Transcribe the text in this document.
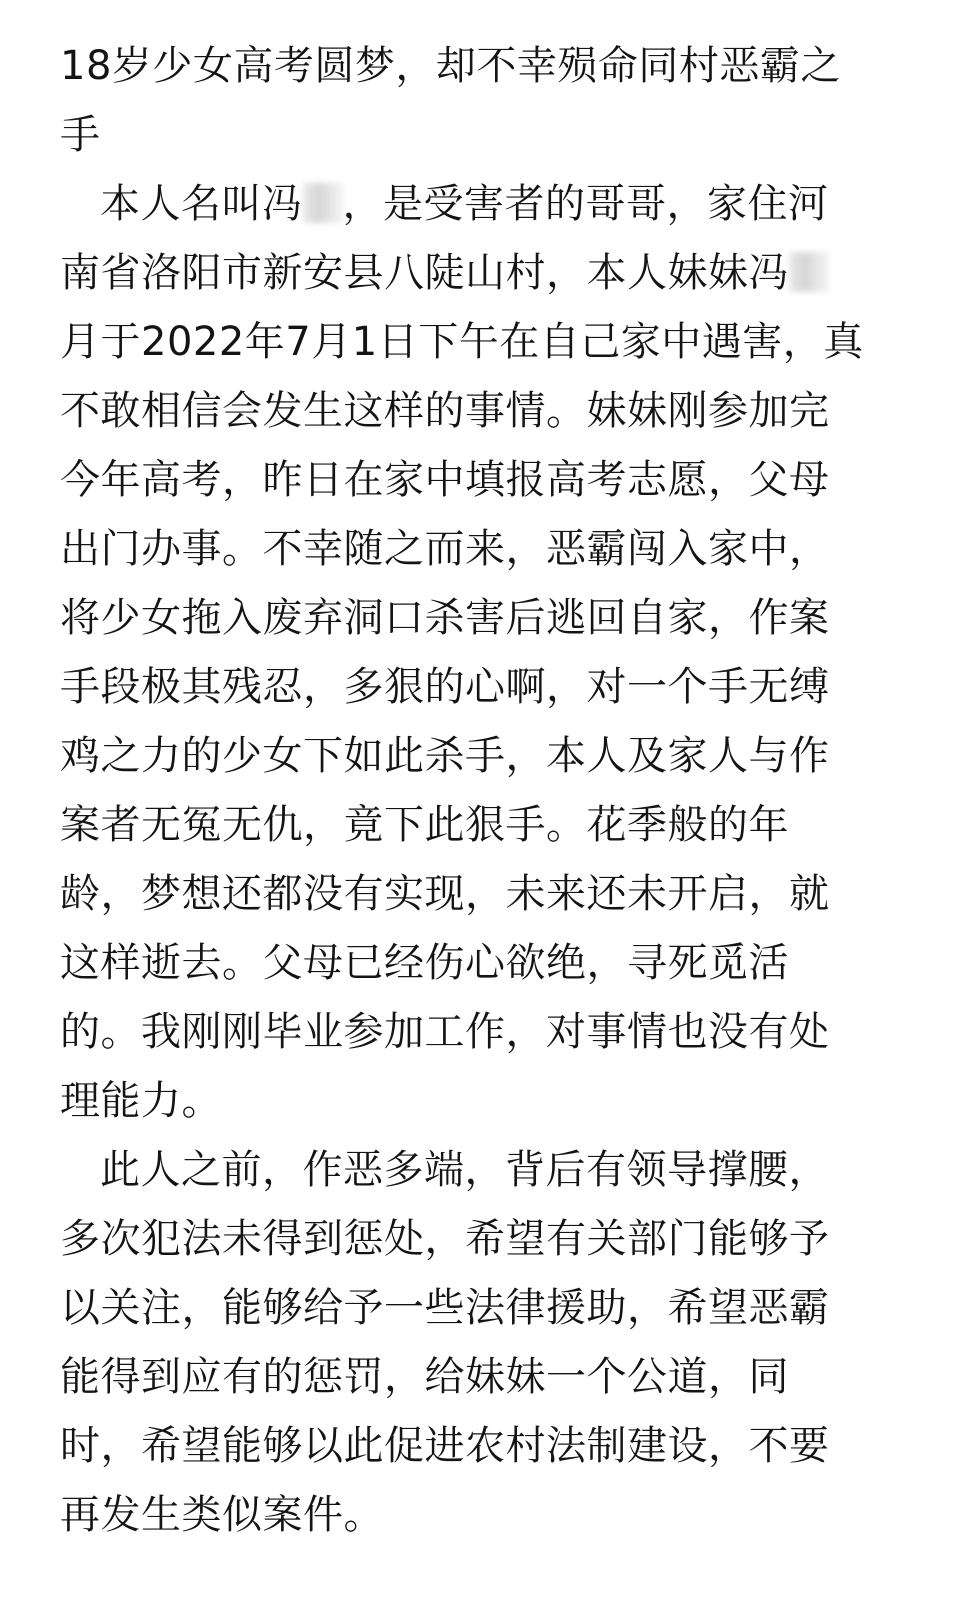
18岁少女高考圆梦，却不幸殒命同村恶霸之
手
本人名叫冯 ，是受害者的哥哥，家住河
南省洛阳市新安县八陡山村，本人妹妹冯
月于2022年7月1日下午在自己家中遇害，真
不敢相信会发生这样的事情。妹妹刚参加完
今年高考，昨日在家中填报高考志愿，父母
出门办事。不幸随之而来，恶霸闯入家中，
将少女拖入废弃洞口杀害后逃回自家，作案
手段极其残忍，多狠的心啊，对一个手无缚
鸡之力的少女下如此杀手，本人及家人与作
案者无冤无仇，竟下此狠手。花季般的年
龄，梦想还都没有实现，未来还未开启，就
这样逝去。父母已经伤心欲绝，寻死觅活
的。我刚刚毕业参加工作，对事情也没有处
理能力。
此人之前，作恶多端，背后有领导撑腰，
多次犯法未得到惩处，希望有关部门能够予
以关注，能够给予一些法律援助，希望恶霸
能得到应有的惩罚，给妹妹一个公道，同
时，希望能够以此促进农村法制建设，不要
再发生类似案件。
